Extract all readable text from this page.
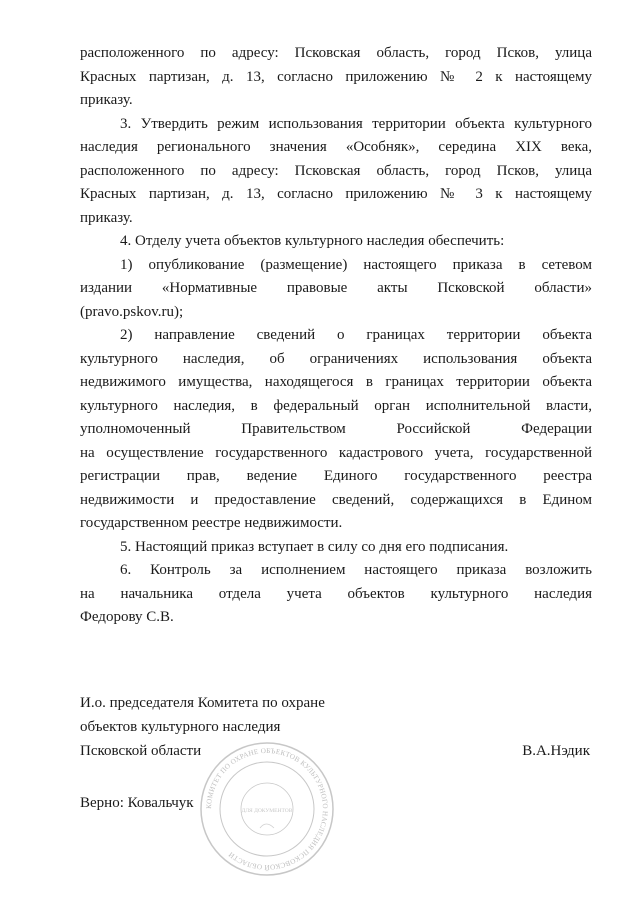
расположенного по адресу: Псковская область, город Псков, улица
Красных партизан, д. 13, согласно приложению № 2 к настоящему
приказу.
3. Утвердить режим использования территории объекта культурного
наследия регионального значения «Особняк», середина XIX века,
расположенного по адресу: Псковская область, город Псков, улица
Красных партизан, д. 13, согласно приложению № 3 к настоящему
приказу.
4. Отделу учета объектов культурного наследия обеспечить:
1) опубликование (размещение) настоящего приказа в сетевом
издании «Нормативные правовые акты Псковской области»
(pravo.pskov.ru);
2) направление сведений о границах территории объекта
культурного наследия, об ограничениях использования объекта
недвижимого имущества, находящегося в границах территории объекта
культурного наследия, в федеральный орган исполнительной власти,
уполномоченный Правительством Российской Федерации
на осуществление государственного кадастрового учета, государственной
регистрации прав, ведение Единого государственного реестра
недвижимости и предоставление сведений, содержащихся в Едином
государственном реестре недвижимости.
5. Настоящий приказ вступает в силу со дня его подписания.
6. Контроль за исполнением настоящего приказа возложить
на начальника отдела учета объектов культурного наследия
Федорову С.В.
И.о. председателя Комитета по охране
объектов культурного наследия
Псковской области	В.А.Нэдик
Верно: Ковальчук КОМИТЕТ ПО ОХРАНЕ ОБЪЕКТОВ КУЛЬТУРНОГО НАСЛЕДИЯ ПСКОВСКОЙ ОБЛАСТИ
ДЛЯ ДОКУМЕНТОВ
